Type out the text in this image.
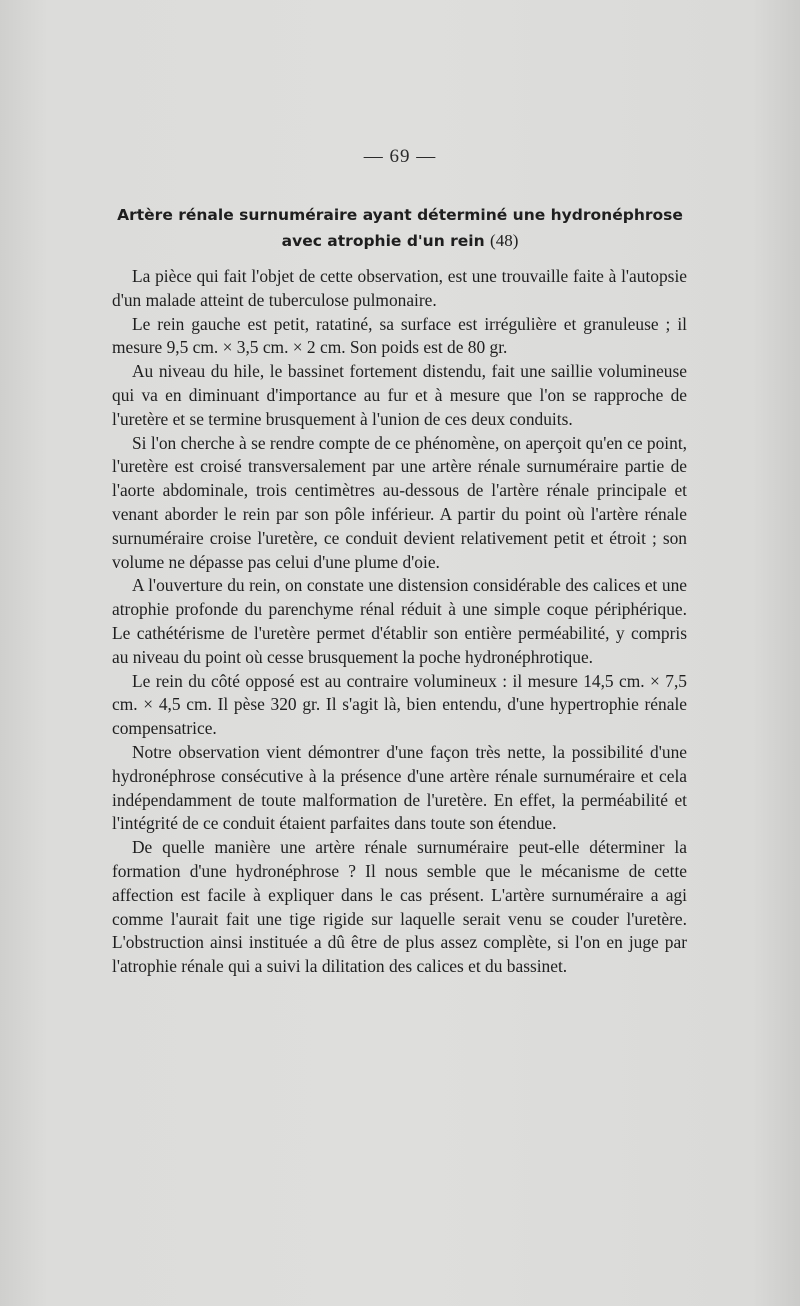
— 69 —
Artère rénale surnuméraire ayant déterminé une hydronéphrose
avec atrophie d'un rein (48)

La pièce qui fait l'objet de cette observation, est une trouvaille faite à l'autopsie d'un malade atteint de tuberculose pulmonaire.

Le rein gauche est petit, ratatiné, sa surface est irrégulière et granuleuse ; il mesure 9,5 cm. × 3,5 cm. × 2 cm. Son poids est de 80 gr.

Au niveau du hile, le bassinet fortement distendu, fait une saillie volumineuse qui va en diminuant d'importance au fur et à mesure que l'on se rapproche de l'uretère et se termine brusquement à l'union de ces deux conduits.

Si l'on cherche à se rendre compte de ce phénomène, on aperçoit qu'en ce point, l'uretère est croisé transversalement par une artère rénale surnuméraire partie de l'aorte abdominale, trois centimètres au-dessous de l'artère rénale principale et venant aborder le rein par son pôle inférieur. A partir du point où l'artère rénale surnuméraire croise l'uretère, ce conduit devient relativement petit et étroit ; son volume ne dépasse pas celui d'une plume d'oie.

A l'ouverture du rein, on constate une distension considérable des calices et une atrophie profonde du parenchyme rénal réduit à une simple coque périphérique. Le cathétérisme de l'uretère permet d'établir son entière perméabilité, y compris au niveau du point où cesse brusquement la poche hydronéphrotique.

Le rein du côté opposé est au contraire volumineux : il mesure 14,5 cm. × 7,5 cm. × 4,5 cm. Il pèse 320 gr. Il s'agit là, bien entendu, d'une hypertrophie rénale compensatrice.

Notre observation vient démontrer d'une façon très nette, la possibilité d'une hydronéphrose consécutive à la présence d'une artère rénale surnuméraire et cela indépendamment de toute malformation de l'uretère. En effet, la perméabilité et l'intégrité de ce conduit étaient parfaites dans toute son étendue.

De quelle manière une artère rénale surnuméraire peut-elle déterminer la formation d'une hydronéphrose ? Il nous semble que le mécanisme de cette affection est facile à expliquer dans le cas présent. L'artère surnuméraire a agi comme l'aurait fait une tige rigide sur laquelle serait venu se couder l'uretère. L'obstruction ainsi instituée a dû être de plus assez complète, si l'on en juge par l'atrophie rénale qui a suivi la dilitation des calices et du bassinet.
